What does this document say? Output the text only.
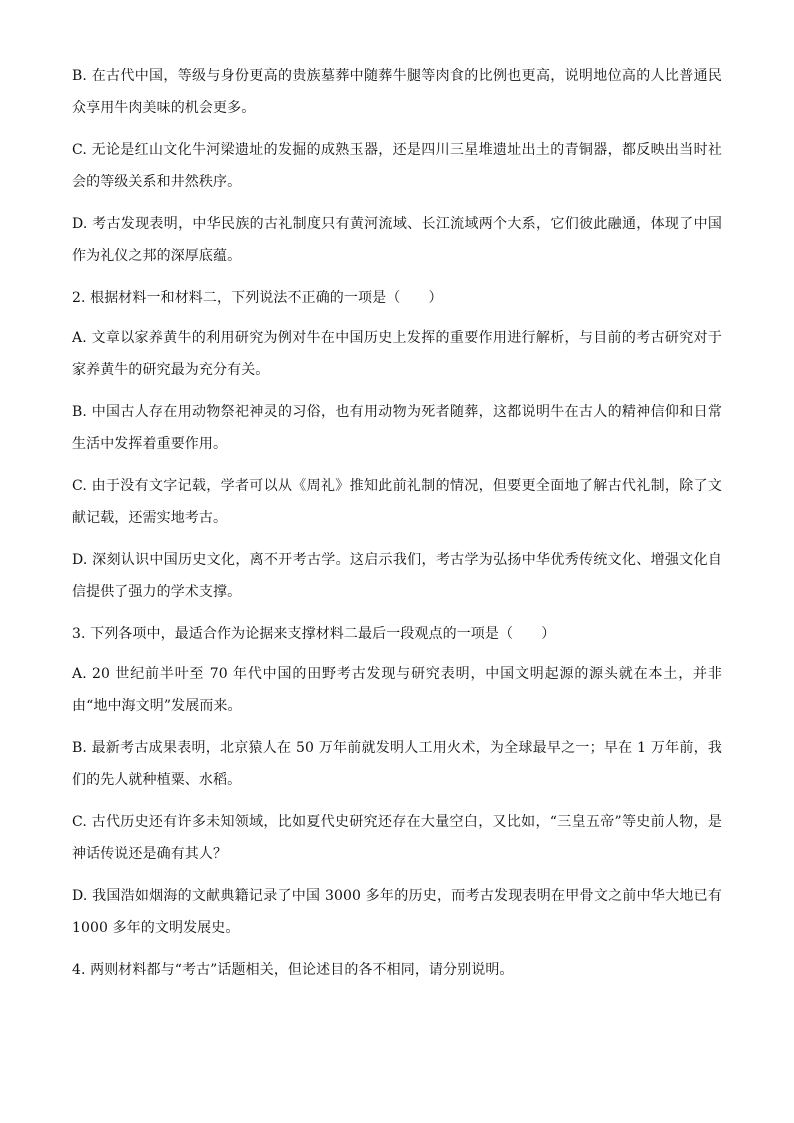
B. 在古代中国，等级与身份更高的贵族墓葬中随葬牛腿等肉食的比例也更高，说明地位高的人比普通民众享用牛肉美味的机会更多。

C. 无论是红山文化牛河梁遗址的发掘的成熟玉器，还是四川三星堆遗址出土的青铜器，都反映出当时社会的等级关系和井然秩序。

D. 考古发现表明，中华民族的古礼制度只有黄河流域、长江流域两个大系，它们彼此融通，体现了中国作为礼仪之邦的深厚底蕴。

2. 根据材料一和材料二，下列说法不正确的一项是（　　）

A. 文章以家养黄牛的利用研究为例对牛在中国历史上发挥的重要作用进行解析，与目前的考古研究对于家养黄牛的研究最为充分有关。

B. 中国古人存在用动物祭祀神灵的习俗，也有用动物为死者随葬，这都说明牛在古人的精神信仰和日常生活中发挥着重要作用。

C. 由于没有文字记载，学者可以从《周礼》推知此前礼制的情况，但要更全面地了解古代礼制，除了文献记载，还需实地考古。

D. 深刻认识中国历史文化，离不开考古学。这启示我们，考古学为弘扬中华优秀传统文化、增强文化自信提供了强力的学术支撑。

3. 下列各项中，最适合作为论据来支撑材料二最后一段观点的一项是（　　）

A. 20 世纪前半叶至 70 年代中国的田野考古发现与研究表明，中国文明起源的源头就在本土，并非由“地中海文明”发展而来。

B. 最新考古成果表明，北京猿人在 50 万年前就发明人工用火术，为全球最早之一；早在 1 万年前，我们的先人就种植粟、水稻。

C. 古代历史还有许多未知领域，比如夏代史研究还存在大量空白，又比如，“三皇五帝”等史前人物，是神话传说还是确有其人？

D. 我国浩如烟海的文献典籍记录了中国 3000 多年的历史，而考古发现表明在甲骨文之前中华大地已有 1000 多年的文明发展史。

4. 两则材料都与“考古”话题相关，但论述目的各不相同，请分别说明。
